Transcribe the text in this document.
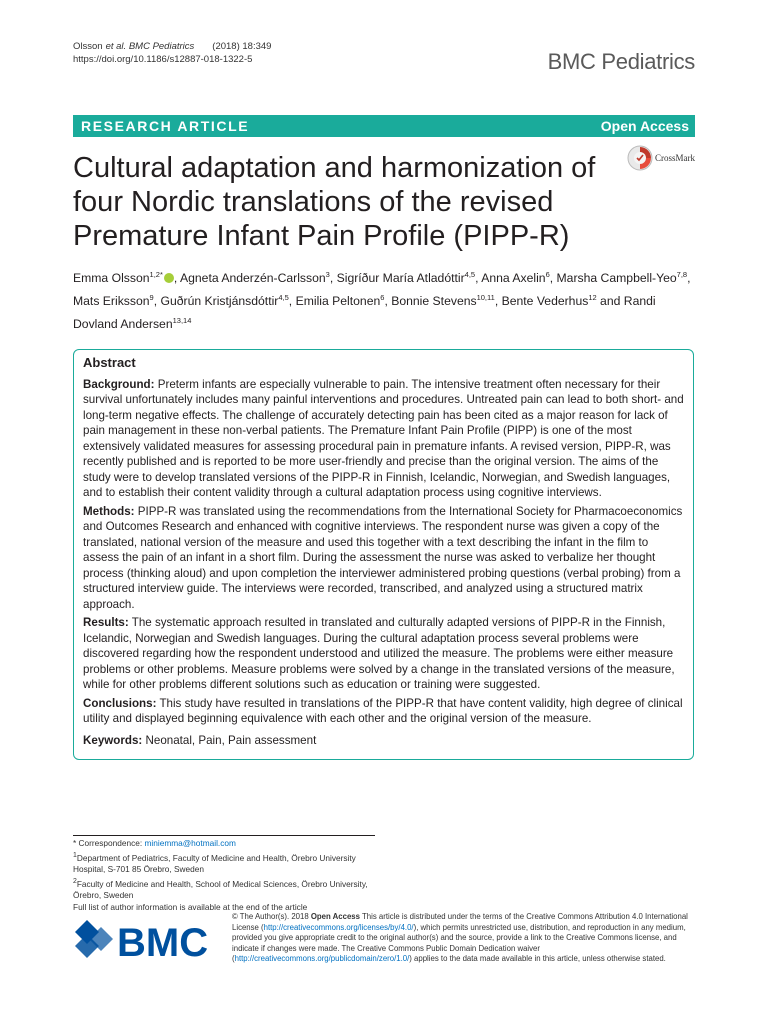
Olsson et al. BMC Pediatrics (2018) 18:349
https://doi.org/10.1186/s12887-018-1322-5	BMC Pediatrics
RESEARCH ARTICLE	Open Access
Cultural adaptation and harmonization of four Nordic translations of the revised Premature Infant Pain Profile (PIPP-R)
CrossMark
Emma Olsson$^{1,2*}$ , Agneta Anderzén-Carlsson$^3$, Sigríður María Atladóttir$^{4,5}$, Anna Axelin$^6$, Marsha Campbell-Yeo$^{7,8}$, Mats Eriksson$^9$, Guðrún Kristjánsdóttir$^{4,5}$, Emilia Peltonen$^6$, Bonnie Stevens$^{10,11}$, Bente Vederhus$^{12}$ and Randi Dovland Andersen$^{13,14}$
Abstract

Background: Preterm infants are especially vulnerable to pain. The intensive treatment often necessary for their survival unfortunately includes many painful interventions and procedures. Untreated pain can lead to both short- and long-term negative effects. The challenge of accurately detecting pain has been cited as a major reason for lack of pain management in these non-verbal patients. The Premature Infant Pain Profile (PIPP) is one of the most extensively validated measures for assessing procedural pain in premature infants. A revised version, PIPP-R, was recently published and is reported to be more user-friendly and precise than the original version. The aims of the study were to develop translated versions of the PIPP-R in Finnish, Icelandic, Norwegian, and Swedish languages, and to establish their content validity through a cultural adaptation process using cognitive interviews.

Methods: PIPP-R was translated using the recommendations from the International Society for Pharmacoeconomics and Outcomes Research and enhanced with cognitive interviews. The respondent nurse was given a copy of the translated, national version of the measure and used this together with a text describing the infant in the film to assess the pain of an infant in a short film. During the assessment the nurse was asked to verbalize her thought process (thinking aloud) and upon completion the interviewer administered probing questions (verbal probing) from a structured interview guide. The interviews were recorded, transcribed, and analyzed using a structured matrix approach.

Results: The systematic approach resulted in translated and culturally adapted versions of PIPP-R in the Finnish, Icelandic, Norwegian and Swedish languages. During the cultural adaptation process several problems were discovered regarding how the respondent understood and utilized the measure. The problems were either measure problems or other problems. Measure problems were solved by a change in the translated versions of the measure, while for other problems different solutions such as education or training were suggested.

Conclusions: This study have resulted in translations of the PIPP-R that have content validity, high degree of clinical utility and displayed beginning equivalence with each other and the original version of the measure.

Keywords: Neonatal, Pain, Pain assessment

* Correspondence: miniemma@hotmail.com
$^1$Department of Pediatrics, Faculty of Medicine and Health, Örebro University Hospital, S-701 85 Örebro, Sweden
$^2$Faculty of Medicine and Health, School of Medical Sciences, Örebro University, Örebro, Sweden
Full list of author information is available at the end of the article
BMC
© The Author(s). 2018 Open Access This article is distributed under the terms of the Creative Commons Attribution 4.0 International License (http://creativecommons.org/licenses/by/4.0/), which permits unrestricted use, distribution, and reproduction in any medium, provided you give appropriate credit to the original author(s) and the source, provide a link to the Creative Commons license, and indicate if changes were made. The Creative Commons Public Domain Dedication waiver (http://creativecommons.org/publicdomain/zero/1.0/) applies to the data made available in this article, unless otherwise stated.
